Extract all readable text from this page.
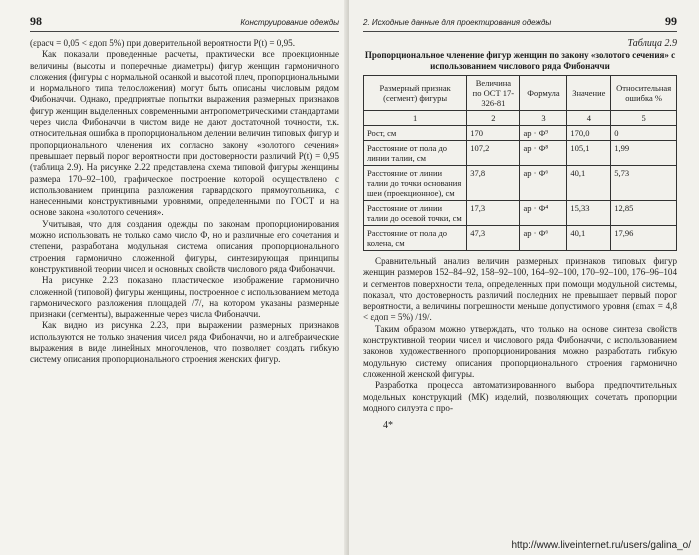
98	Конструирование одежды

(εрасч = 0,05 < εдоп 5%) при доверительной вероятности P(t) = 0,95.

Как показали проведенные расчеты, практически все проекционные величины (высоты и поперечные диаметры) фигур женщин гармоничного сложения (фигуры с нормальной осанкой и высотой плеч, пропорциональными и нормального типа телосложения) могут быть описаны числовым рядом Фибоначчи. Однако, предприятые попытки выражения размерных признаков фигур женщин выделенных современными антропометрическими стандартами через числа Фибоначчи в чистом виде не дают достаточной точности, т.к. относительная ошибка в пропорциональном делении величин типовых фигур и пропорционального членения их согласно закону «золотого сечения» превышает первый порог вероятности при достоверности различий P(t) = 0,95 (таблица 2.9). На рисунке 2.22 представлена схема типовой фигуры женщины размера 170–92–100, графическое построение которой осуществлено с использованием принципа разложения гарвардского прямоугольника, с нанесенными конструктивными уровнями, определенными по ГОСТ и на основе закона «золотого сечения».

Учитывая, что для создания одежды по законам пропорционирования можно использовать не только само число Ф, но и различные его сочетания и степени, разработана модульная система описания пропорционального строения гармонично сложенной фигуры, синтезирующая принципы конструктивной теории чисел и основных свойств числового ряда Фибоначчи.

На рисунке 2.23 показано пластическое изображение гармонично сложенной (типовой) фигуры женщины, построенное с использованием метода гармонического разложения площадей /7/, на котором указаны размерные признаки (сегменты), выраженные через числа Фибоначчи.

Как видно из рисунка 2.23, при выражении размерных признаков используются не только значения чисел ряда Фибоначчи, но и алгебраические выражения в виде линейных многочленов, что позволяет создать гибкую систему описания пропорционального строения женских фигур.

2. Исходные данные для проектирования одежды	99

Таблица 2.9

Пропорциональное членение фигур женщин по закону «золотого сечения» с использованием числового ряда Фибоначчи

Размерный признак (сегмент) фигуры	Величина по ОСТ 17-326-81	Формула	Значение	Относительная ошибка %
1	2	3	4	5
Рост, см	170	aр · Ф⁹	170,0	0
Расстояние от пола до линии талии, см	107,2	aр · Ф⁸	105,1	1,99
Расстояние от линии талии до точки основания шеи (проекционное), см	37,8	aр · Ф⁶	40,1	5,73
Расстояние от линии талии до осевой точки, см	17,3	aр · Ф⁴	15,33	12,85
Расстояние от пола до колена, см	47,3	aр · Ф⁶	40,1	17,96

Сравнительный анализ величин размерных признаков типовых фигур женщин размеров 152–84–92, 158–92–100, 164–92–100, 170–92–100, 176–96–104 и сегментов поверхности тела, определенных при помощи модульной системы, показал, что достоверность различий последних не превышает первый порог вероятности, а величины погрешности меньше допустимого уровня (εmax = 4,8 < εдоп = 5%) /19/.

Таким образом можно утверждать, что только на основе синтеза свойств конструктивной теории чисел и числового ряда Фибоначчи, с использованием законов художественного пропорционирования можно разработать гибкую модульную систему описания пропорционального строения гармонично сложенной женской фигуры.

Разработка процесса автоматизированного выбора предпочтительных модельных конструкций (МК) изделий, позволяющих сочетать пропорции модного силуэта с про-

4*
http://www.liveinternet.ru/users/galina_o/
